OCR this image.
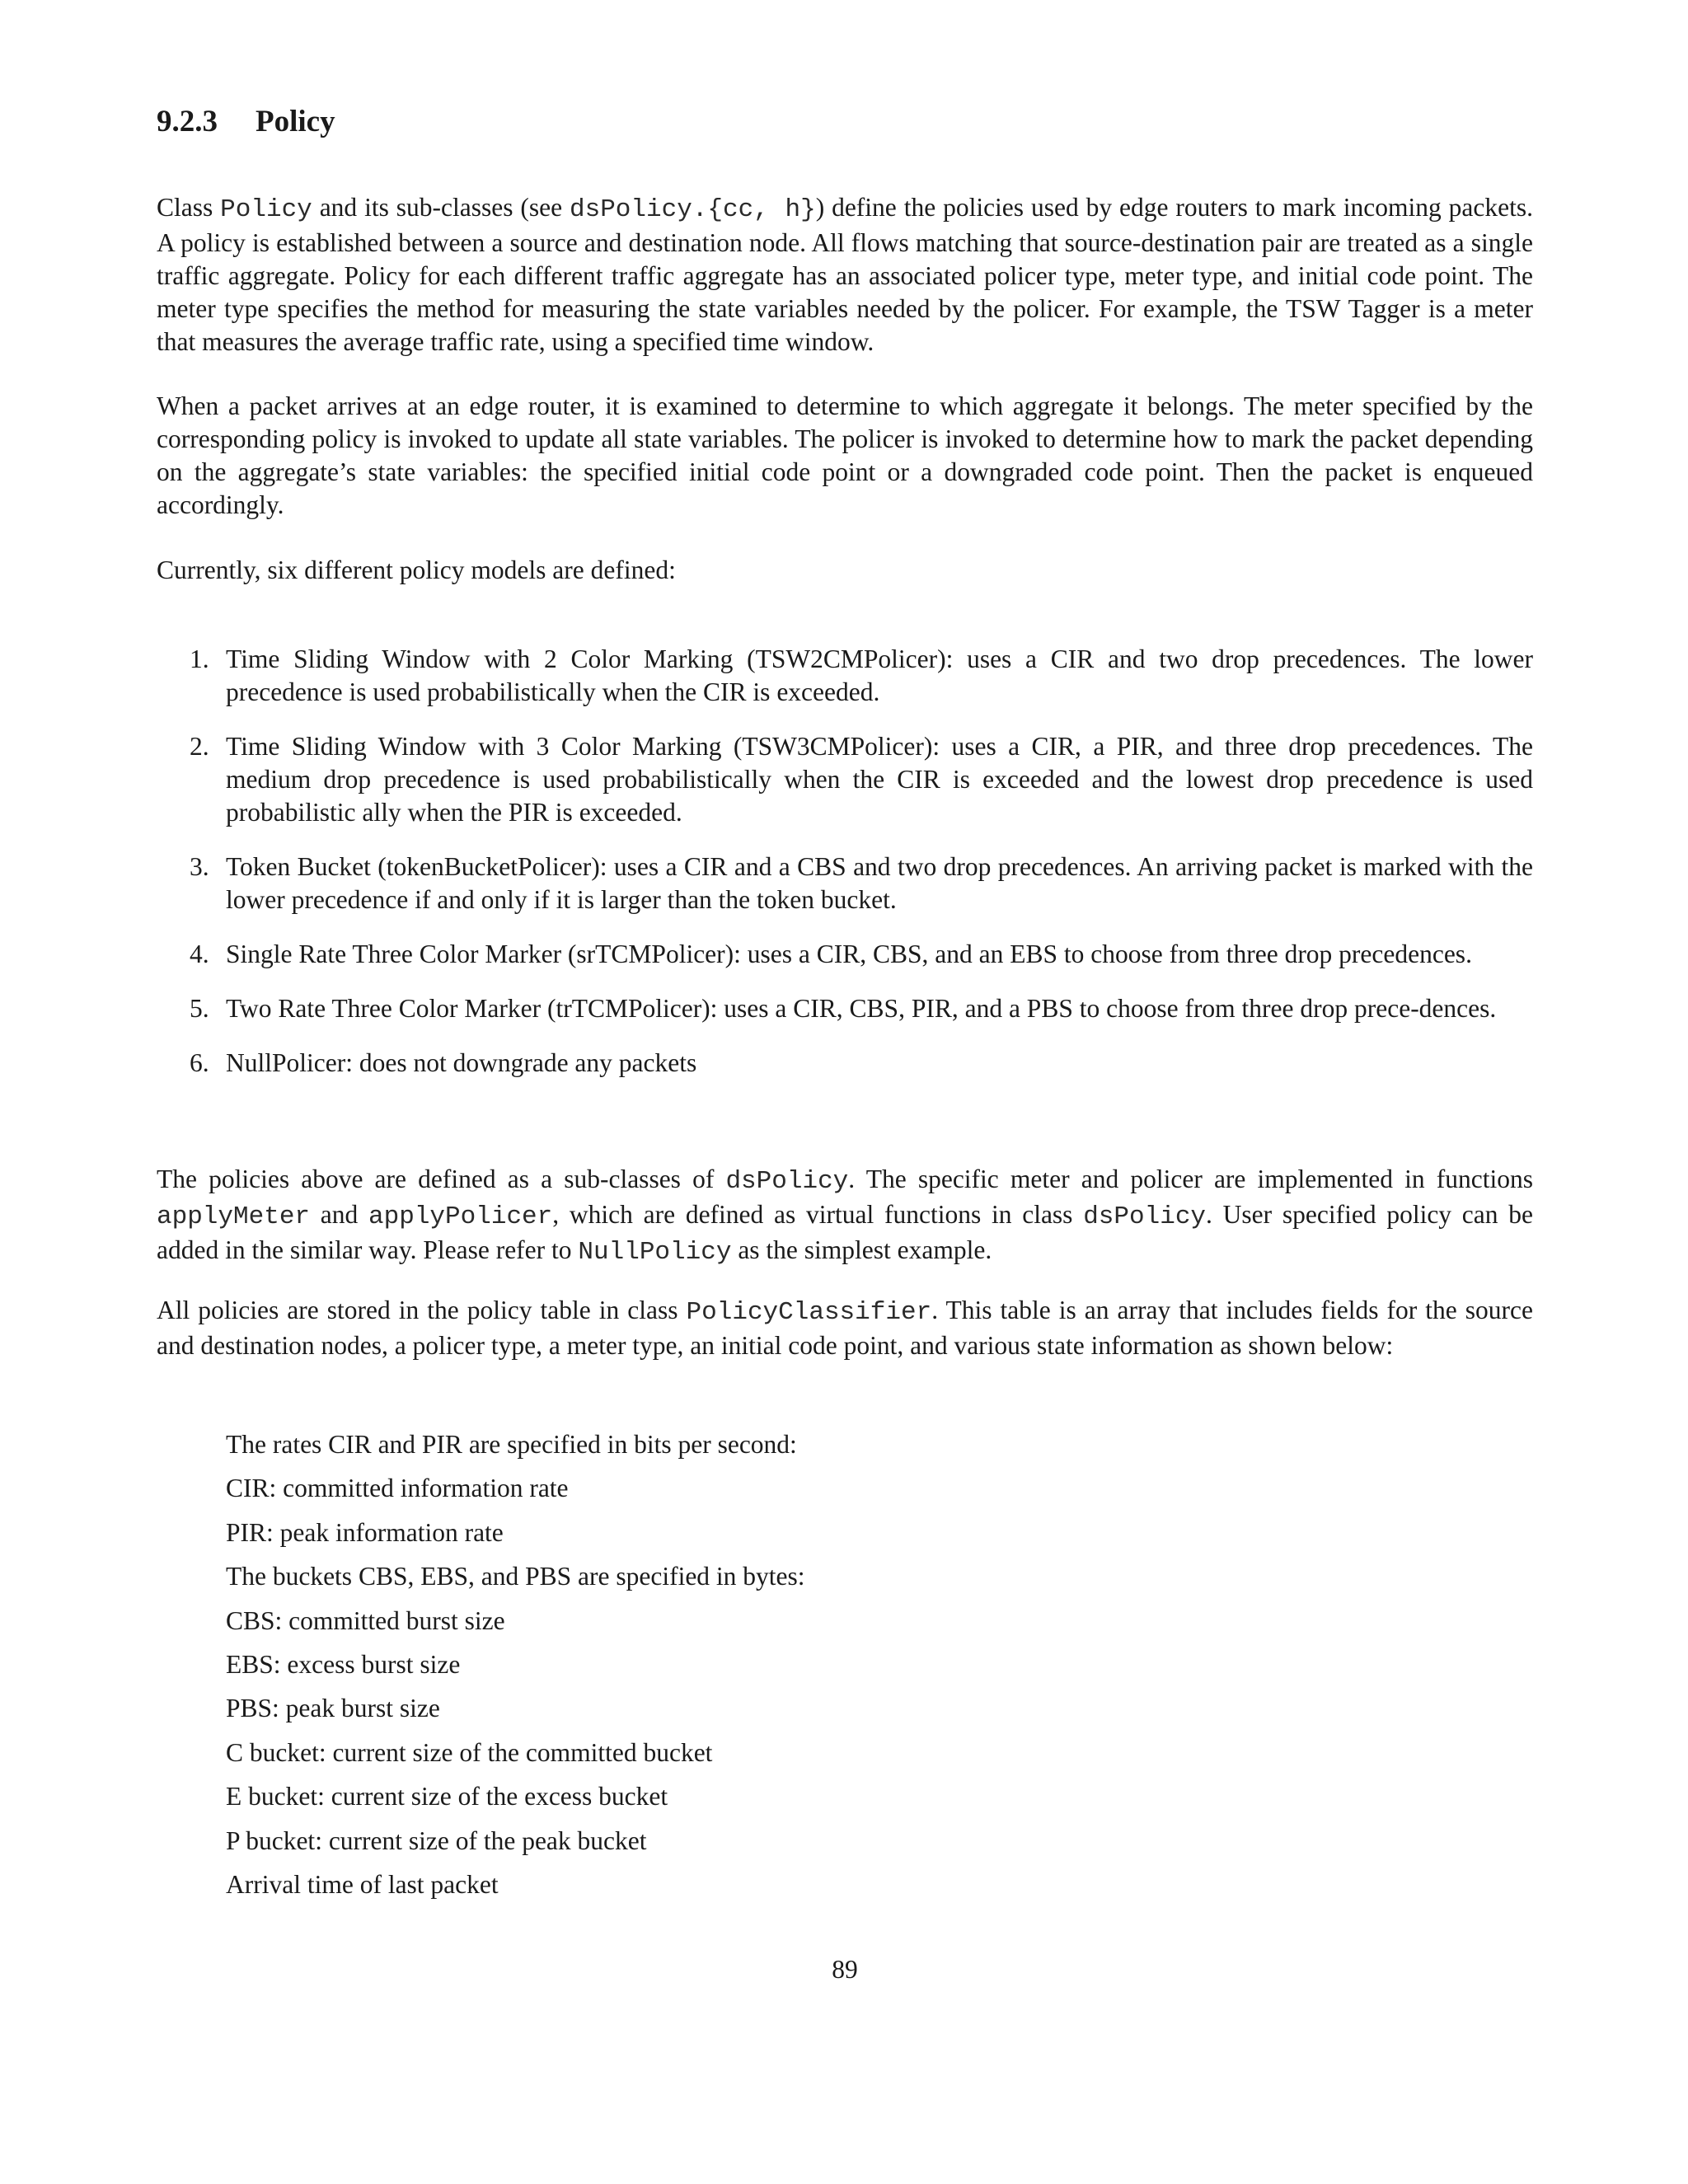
9.2.3 Policy

Class Policy and its sub-classes (see dsPolicy.{cc, h}) define the policies used by edge routers to mark incoming packets. A policy is established between a source and destination node. All flows matching that source-destination pair are treated as a single traffic aggregate. Policy for each different traffic aggregate has an associated policer type, meter type, and initial code point. The meter type specifies the method for measuring the state variables needed by the policer. For example, the TSW Tagger is a meter that measures the average traffic rate, using a specified time window.

When a packet arrives at an edge router, it is examined to determine to which aggregate it belongs. The meter specified by the corresponding policy is invoked to update all state variables. The policer is invoked to determine how to mark the packet depending on the aggregate’s state variables: the specified initial code point or a downgraded code point. Then the packet is enqueued accordingly.

Currently, six different policy models are defined:

1. Time Sliding Window with 2 Color Marking (TSW2CMPolicer): uses a CIR and two drop precedences. The lower precedence is used probabilistically when the CIR is exceeded.
2. Time Sliding Window with 3 Color Marking (TSW3CMPolicer): uses a CIR, a PIR, and three drop precedences. The medium drop precedence is used probabilistically when the CIR is exceeded and the lowest drop precedence is used probabilistic ally when the PIR is exceeded.
3. Token Bucket (tokenBucketPolicer): uses a CIR and a CBS and two drop precedences. An arriving packet is marked with the lower precedence if and only if it is larger than the token bucket.
4. Single Rate Three Color Marker (srTCMPolicer): uses a CIR, CBS, and an EBS to choose from three drop precedences.
5. Two Rate Three Color Marker (trTCMPolicer): uses a CIR, CBS, PIR, and a PBS to choose from three drop prece-dences.
6. NullPolicer: does not downgrade any packets

The policies above are defined as a sub-classes of dsPolicy. The specific meter and policer are implemented in functions applyMeter and applyPolicer, which are defined as virtual functions in class dsPolicy. User specified policy can be added in the similar way. Please refer to NullPolicy as the simplest example.

All policies are stored in the policy table in class PolicyClassifier. This table is an array that includes fields for the source and destination nodes, a policer type, a meter type, an initial code point, and various state information as shown below:

The rates CIR and PIR are specified in bits per second:
CIR: committed information rate
PIR: peak information rate
The buckets CBS, EBS, and PBS are specified in bytes:
CBS: committed burst size
EBS: excess burst size
PBS: peak burst size
C bucket: current size of the committed bucket
E bucket: current size of the excess bucket
P bucket: current size of the peak bucket
Arrival time of last packet
89
